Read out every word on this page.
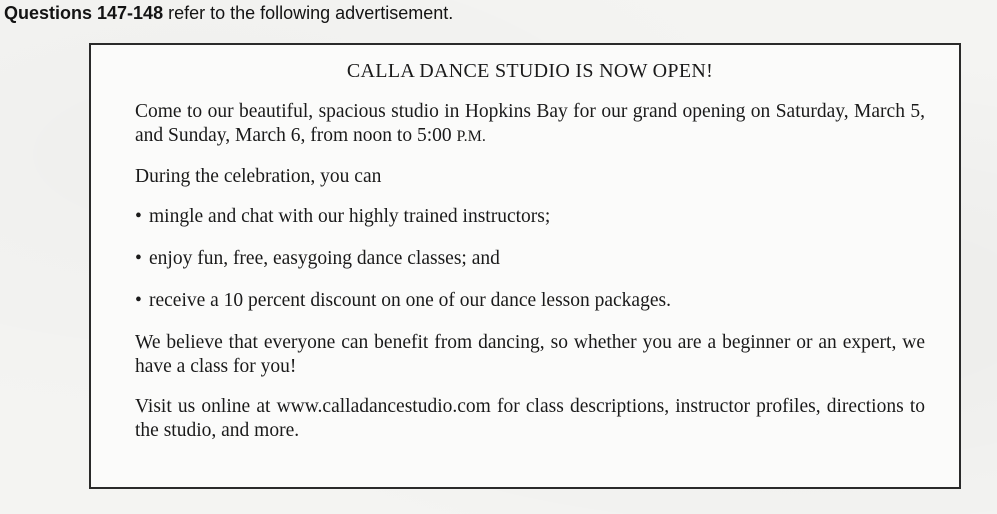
Questions 147-148 refer to the following advertisement.
CALLA DANCE STUDIO IS NOW OPEN!

Come to our beautiful, spacious studio in Hopkins Bay for our grand opening on Saturday, March 5, and Sunday, March 6, from noon to 5:00 P.M.

During the celebration, you can

• mingle and chat with our highly trained instructors;
• enjoy fun, free, easygoing dance classes; and
• receive a 10 percent discount on one of our dance lesson packages.

We believe that everyone can benefit from dancing, so whether you are a beginner or an expert, we have a class for you!

Visit us online at www.calladancestudio.com for class descriptions, instructor profiles, directions to the studio, and more.
